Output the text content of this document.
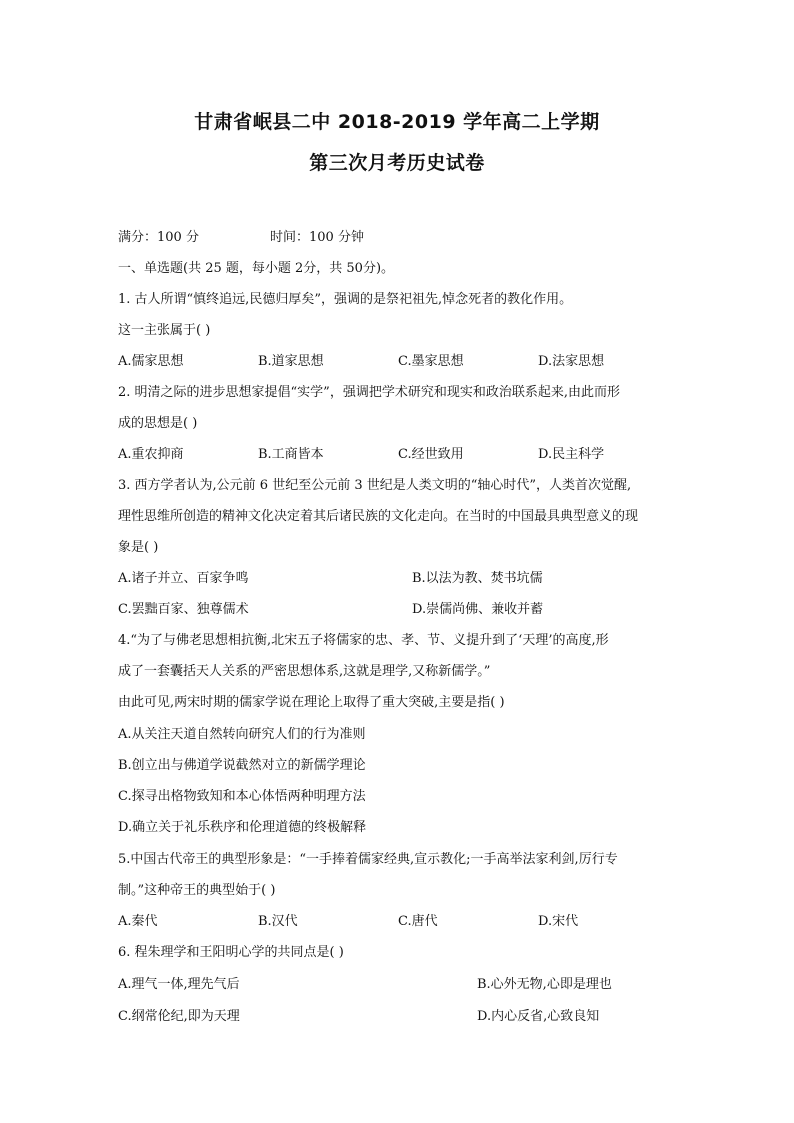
甘肃省岷县二中 2018-2019 学年高二上学期
第三次月考历史试卷
满分：100 分	时间：100 分钟
一、单选题(共 25 题，每小题 2分，共 50分)。
1. 古人所谓“慎终追远,民德归厚矣”，强调的是祭祀祖先,悼念死者的教化作用。
这一主张属于( )
A.儒家思想	B.道家思想	C.墨家思想	D.法家思想
2. 明清之际的进步思想家提倡“实学”，强调把学术研究和现实和政治联系起来,由此而形
成的思想是( )
A.重农抑商	B.工商皆本	C.经世致用	D.民主科学
3. 西方学者认为,公元前 6 世纪至公元前 3 世纪是人类文明的“轴心时代”，人类首次觉醒,
理性思维所创造的精神文化决定着其后诸民族的文化走向。在当时的中国最具典型意义的现
象是( )
A.诸子并立、百家争鸣	B.以法为教、焚书坑儒
C.罢黜百家、独尊儒术	D.崇儒尚佛、兼收并蓄
4.“为了与佛老思想相抗衡,北宋五子将儒家的忠、孝、节、义提升到了‘天理’的高度,形
成了一套囊括天人关系的严密思想体系,这就是理学,又称新儒学。”
由此可见,两宋时期的儒家学说在理论上取得了重大突破,主要是指( )
A.从关注天道自然转向研究人们的行为准则
B.创立出与佛道学说截然对立的新儒学理论
C.探寻出格物致知和本心体悟两种明理方法
D.确立关于礼乐秩序和伦理道德的终极解释
5.中国古代帝王的典型形象是：“一手捧着儒家经典,宣示教化;一手高举法家利剑,厉行专
制。”这种帝王的典型始于( )
A.秦代	B.汉代	C.唐代	D.宋代
6. 程朱理学和王阳明心学的共同点是( )
A.理气一体,理先气后	B.心外无物,心即是理也
C.纲常伦纪,即为天理	D.内心反省,心致良知
